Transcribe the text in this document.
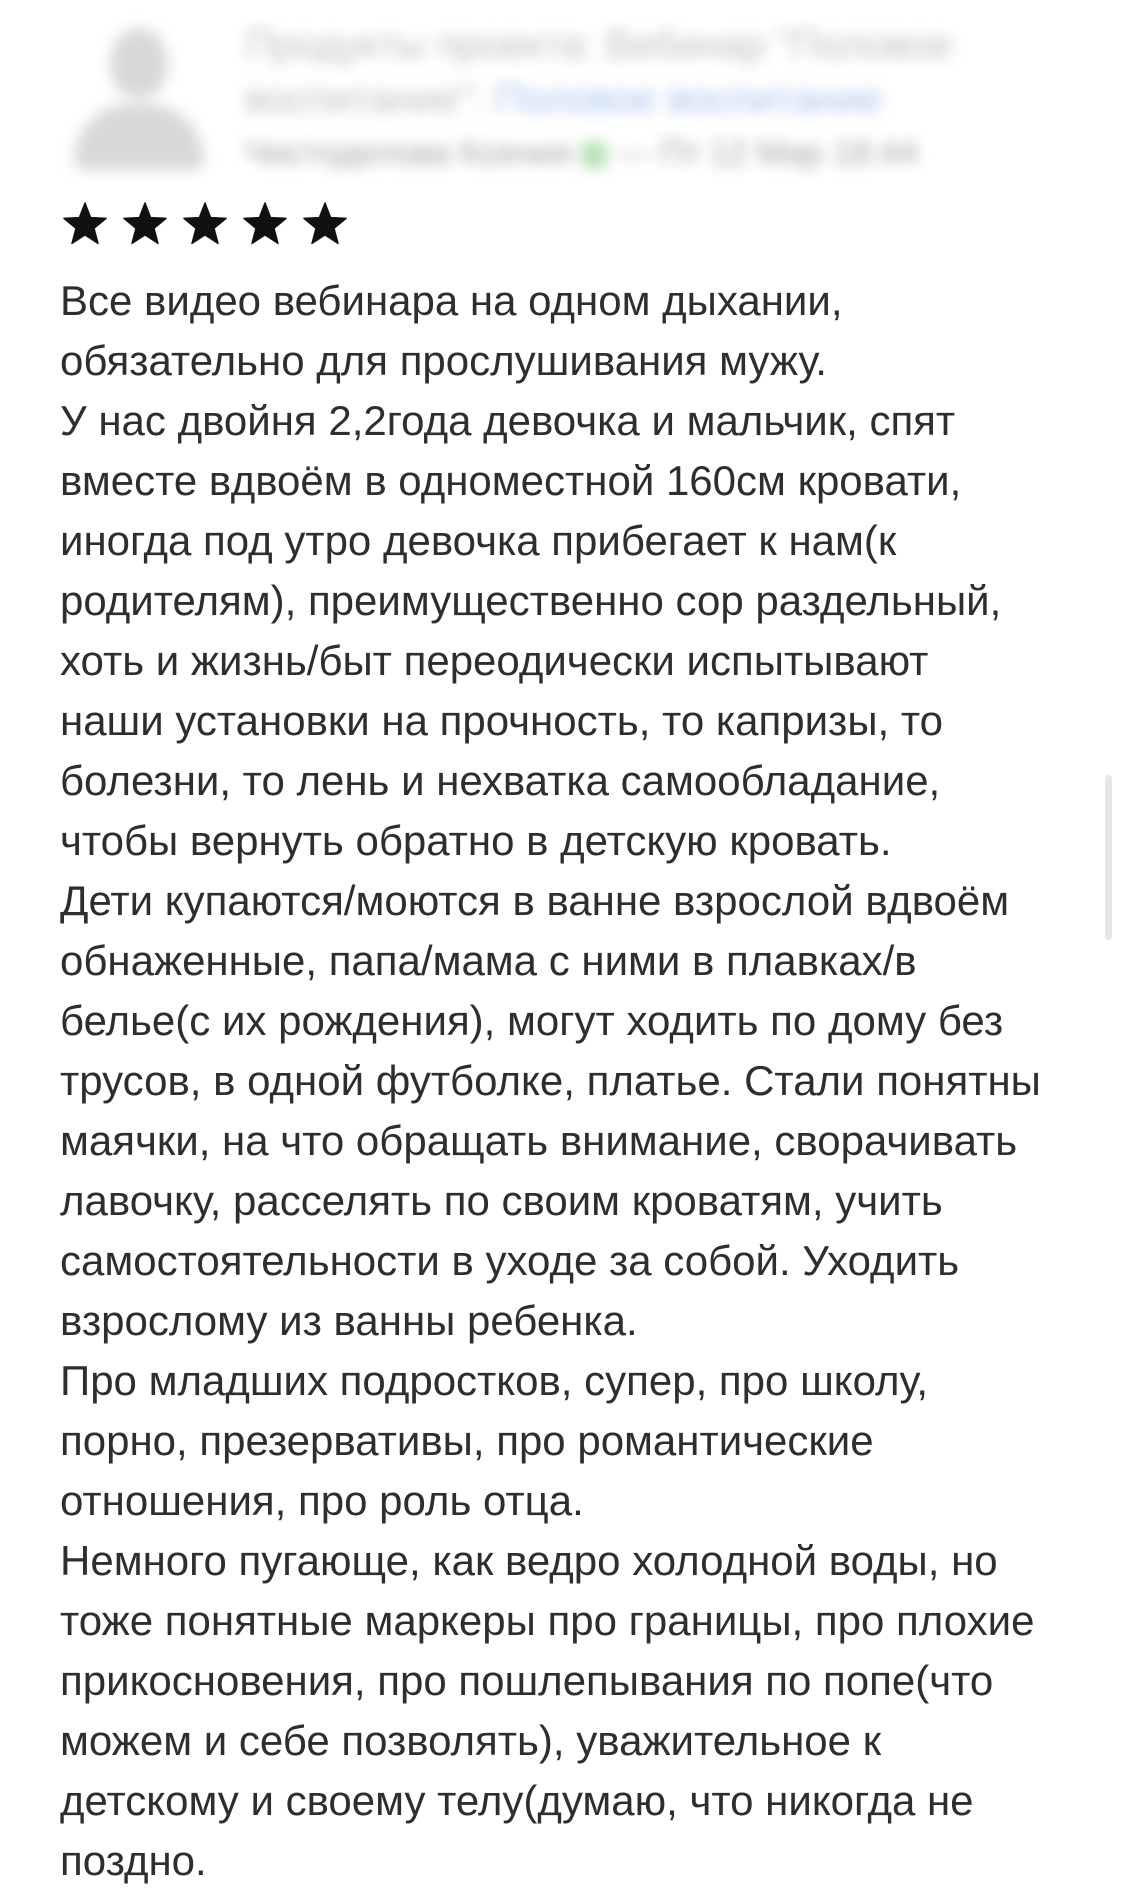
Продукты проекта: Вебинар "Половое
воспитание": Половое воспитание
Чистоделова Ксения — Пт 12 Мар 18:44
Все видео вебинара на одном дыхании,
обязательно для прослушивания мужу.
У нас двойня 2,2года девочка и мальчик, спят
вместе вдвоём в одноместной 160см кровати,
иногда под утро девочка прибегает к нам(к
родителям), преимущественно сор раздельный,
хоть и жизнь/быт переодически испытывают
наши установки на прочность, то капризы, то
болезни, то лень и нехватка самообладание,
чтобы вернуть обратно в детскую кровать.
Дети купаются/моются в ванне взрослой вдвоём
обнаженные, папа/мама с ними в плавках/в
белье(с их рождения), могут ходить по дому без
трусов, в одной футболке, платье. Стали понятны
маячки, на что обращать внимание, сворачивать
лавочку, расселять по своим кроватям, учить
самостоятельности в уходе за собой. Уходить
взрослому из ванны ребенка.
Про младших подростков, супер, про школу,
порно, презервативы, про романтические
отношения, про роль отца.
Немного пугающе, как ведро холодной воды, но
тоже понятные маркеры про границы, про плохие
прикосновения, про пошлепывания по попе(что
можем и себе позволять), уважительное к
детскому и своему телу(думаю, что никогда не
поздно.
